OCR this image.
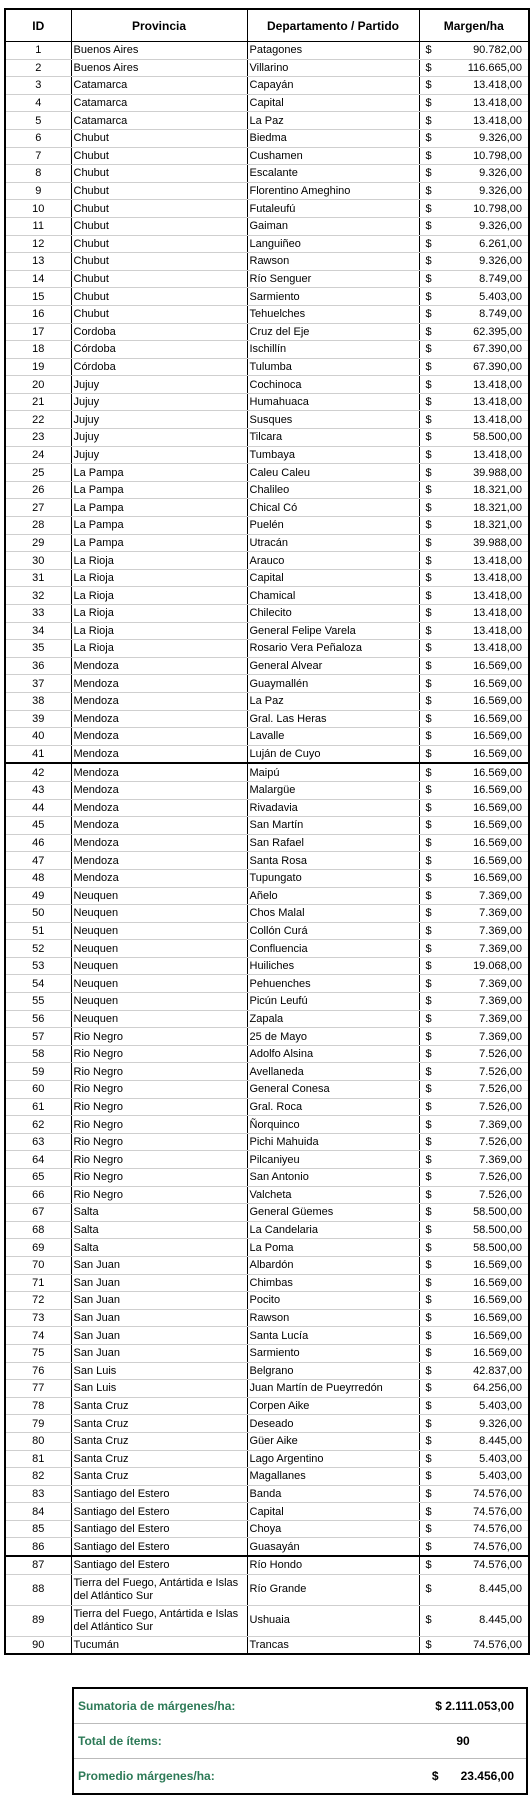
ID	Provincia	Departamento / Partido	Margen/ha
1	Buenos Aires	Patagones	$ 90.782,00

2	Buenos Aires	Villarino	$ 116.665,00

3	Catamarca	Capayán	$ 13.418,00

4	Catamarca	Capital	$ 13.418,00

5	Catamarca	La Paz	$ 13.418,00

6	Chubut	Biedma	$ 9.326,00

7	Chubut	Cushamen	$ 10.798,00

8	Chubut	Escalante	$ 9.326,00

9	Chubut	Florentino Ameghino	$ 9.326,00

10	Chubut	Futaleufú	$ 10.798,00

11	Chubut	Gaiman	$ 9.326,00

12	Chubut	Languiñeo	$ 6.261,00

13	Chubut	Rawson	$ 9.326,00

14	Chubut	Río Senguer	$ 8.749,00

15	Chubut	Sarmiento	$ 5.403,00

16	Chubut	Tehuelches	$ 8.749,00

17	Cordoba	Cruz del Eje	$ 62.395,00

18	Córdoba	Ischillín	$ 67.390,00

19	Córdoba	Tulumba	$ 67.390,00

20	Jujuy	Cochinoca	$ 13.418,00

21	Jujuy	Humahuaca	$ 13.418,00

22	Jujuy	Susques	$ 13.418,00

23	Jujuy	Tilcara	$ 58.500,00

24	Jujuy	Tumbaya	$ 13.418,00

25	La Pampa	Caleu Caleu	$ 39.988,00

26	La Pampa	Chalileo	$ 18.321,00

27	La Pampa	Chical Có	$ 18.321,00

28	La Pampa	Puelén	$ 18.321,00

29	La Pampa	Utracán	$ 39.988,00

30	La Rioja	Arauco	$ 13.418,00

31	La Rioja	Capital	$ 13.418,00

32	La Rioja	Chamical	$ 13.418,00

33	La Rioja	Chilecito	$ 13.418,00

34	La Rioja	General Felipe Varela	$ 13.418,00

35	La Rioja	Rosario Vera Peñaloza	$ 13.418,00

36	Mendoza	General Alvear	$ 16.569,00

37	Mendoza	Guaymallén	$ 16.569,00

38	Mendoza	La Paz	$ 16.569,00

39	Mendoza	Gral. Las Heras	$ 16.569,00

40	Mendoza	Lavalle	$ 16.569,00

41	Mendoza	Luján de Cuyo	$ 16.569,00

42	Mendoza	Maipú	$ 16.569,00

43	Mendoza	Malargüe	$ 16.569,00

44	Mendoza	Rivadavia	$ 16.569,00

45	Mendoza	San Martín	$ 16.569,00

46	Mendoza	San Rafael	$ 16.569,00

47	Mendoza	Santa Rosa	$ 16.569,00

48	Mendoza	Tupungato	$ 16.569,00

49	Neuquen	Añelo	$ 7.369,00

50	Neuquen	Chos Malal	$ 7.369,00

51	Neuquen	Collón Curá	$ 7.369,00

52	Neuquen	Confluencia	$ 7.369,00

53	Neuquen	Huiliches	$ 19.068,00

54	Neuquen	Pehuenches	$ 7.369,00

55	Neuquen	Picún Leufú	$ 7.369,00

56	Neuquen	Zapala	$ 7.369,00

57	Rio Negro	25 de Mayo	$ 7.369,00

58	Rio Negro	Adolfo Alsina	$ 7.526,00

59	Rio Negro	Avellaneda	$ 7.526,00

60	Rio Negro	General Conesa	$ 7.526,00

61	Rio Negro	Gral. Roca	$ 7.526,00

62	Rio Negro	Ñorquinco	$ 7.369,00

63	Rio Negro	Pichi Mahuida	$ 7.526,00

64	Rio Negro	Pilcaniyeu	$ 7.369,00

65	Rio Negro	San Antonio	$ 7.526,00

66	Rio Negro	Valcheta	$ 7.526,00

67	Salta	General Güemes	$ 58.500,00

68	Salta	La Candelaria	$ 58.500,00

69	Salta	La Poma	$ 58.500,00

70	San Juan	Albardón	$ 16.569,00

71	San Juan	Chimbas	$ 16.569,00

72	San Juan	Pocito	$ 16.569,00

73	San Juan	Rawson	$ 16.569,00

74	San Juan	Santa Lucía	$ 16.569,00

75	San Juan	Sarmiento	$ 16.569,00

76	San Luis	Belgrano	$ 42.837,00

77	San Luis	Juan Martín de Pueyrredón	$ 64.256,00

78	Santa Cruz	Corpen Aike	$ 5.403,00

79	Santa Cruz	Deseado	$ 9.326,00

80	Santa Cruz	Güer Aike	$ 8.445,00

81	Santa Cruz	Lago Argentino	$ 5.403,00

82	Santa Cruz	Magallanes	$ 5.403,00

83	Santiago del Estero	Banda	$ 74.576,00

84	Santiago del Estero	Capital	$ 74.576,00

85	Santiago del Estero	Choya	$ 74.576,00

86	Santiago del Estero	Guasayán	$ 74.576,00

87	Santiago del Estero	Río Hondo	$ 74.576,00

88	Tierra del Fuego, Antártida e Islas del Atlántico Sur	Río Grande	$ 8.445,00

89	Tierra del Fuego, Antártida e Islas del Atlántico Sur	Ushuaia	$ 8.445,00

90	Tucumán	Trancas	$ 74.576,00
Sumatoria de márgenes/ha:	$ 2.111.053,00
Total de ítems:	90
Promedio márgenes/ha:	$ 23.456,00
